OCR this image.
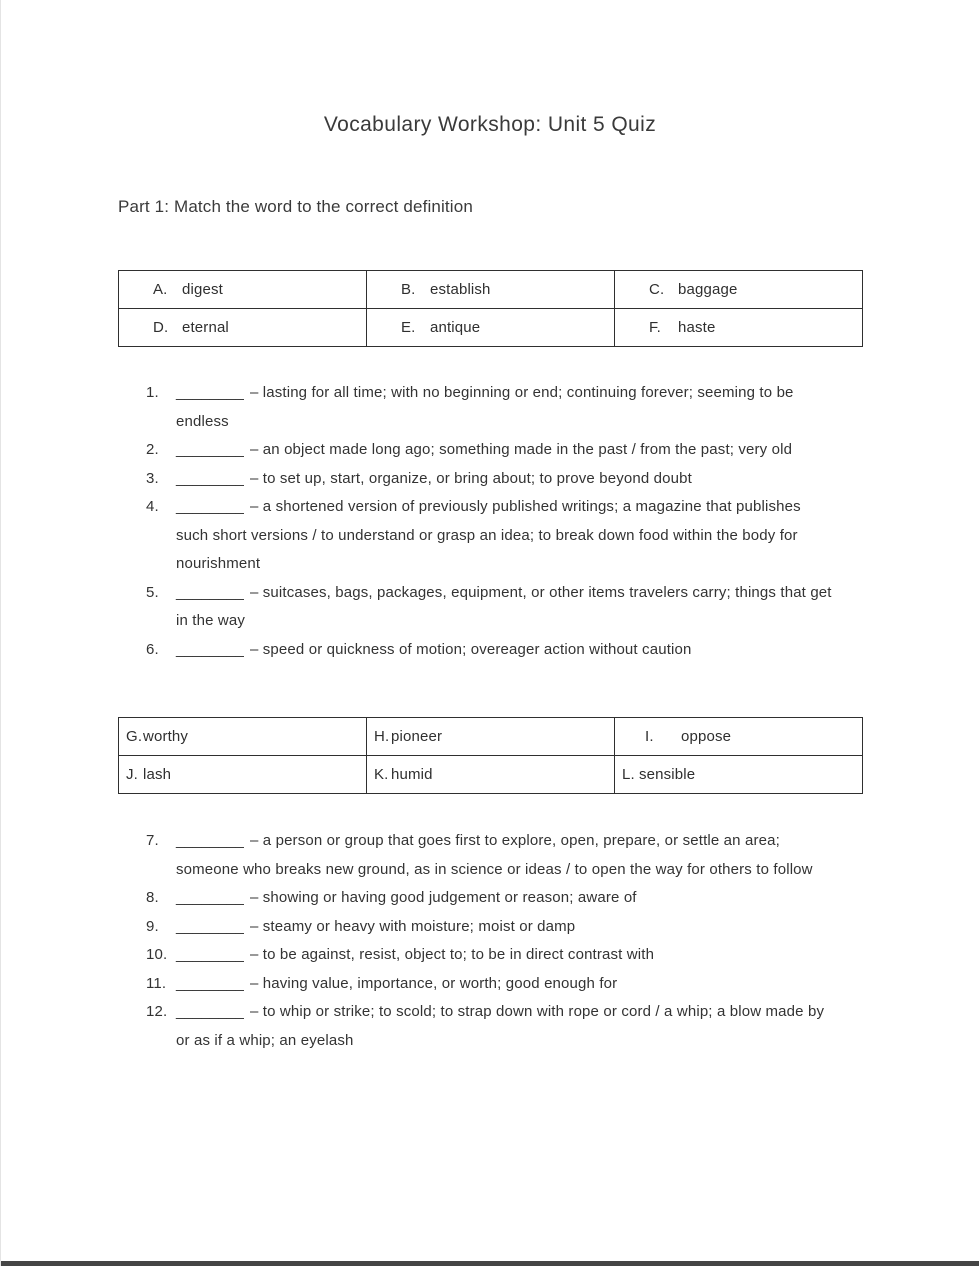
Vocabulary Workshop: Unit 5 Quiz
Part 1: Match the word to the correct definition
A. digest	B. establish	C. baggage
D. eternal	E. antique	F. haste
1.	________ – lasting for all time; with no beginning or end; continuing forever; seeming to be endless
2.	________ – an object made long ago; something made in the past / from the past; very old
3.	________ – to set up, start, organize, or bring about; to prove beyond doubt
4.	________ – a shortened version of previously published writings; a magazine that publishes such short versions / to understand or grasp an idea; to break down food within the body for nourishment
5.	________ – suitcases, bags, packages, equipment, or other items travelers carry; things that get in the way
6.	________ – speed or quickness of motion; overeager action without caution
G.worthy	H. pioneer	I. oppose
J. lash	K. humid	L. sensible
7.	________ – a person or group that goes first to explore, open, prepare, or settle an area; someone who breaks new ground, as in science or ideas / to open the way for others to follow
8.	________ – showing or having good judgement or reason; aware of
9.	________ – steamy or heavy with moisture; moist or damp
10. ________ – to be against, resist, object to; to be in direct contrast with
11. ________ – having value, importance, or worth; good enough for
12. ________ – to whip or strike; to scold; to strap down with rope or cord / a whip; a blow made by or as if a whip; an eyelash
